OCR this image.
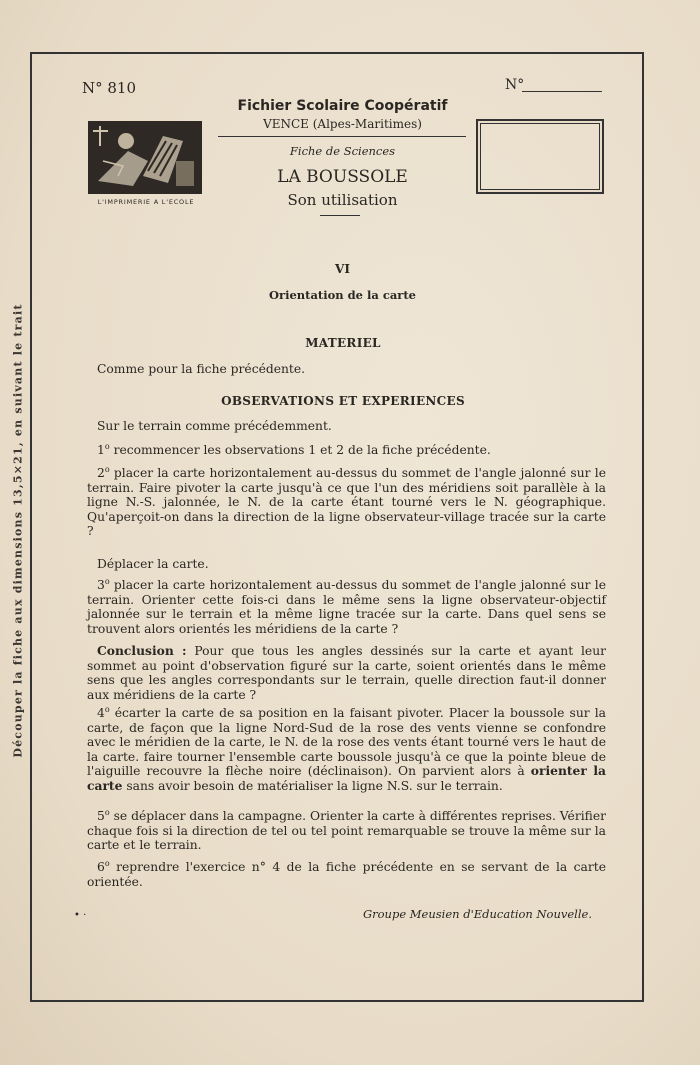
Découper la fiche aux dimensions 13,5×21, en suivant le trait
N° 810	N°
L'IMPRIMERIE A L'ECOLE
Fichier Scolaire Coopératif
VENCE (Alpes-Maritimes)
Fiche de Sciences
LA BOUSSOLE
Son utilisation
VI
Orientation de la carte
MATERIEL
Comme pour la fiche précédente.
OBSERVATIONS ET EXPERIENCES
Sur le terrain comme précédemment.
1$^o$ recommencer les observations 1 et 2 de la fiche précédente.
2$^o$ placer la carte horizontalement au-dessus du sommet de l'angle jalonné sur le terrain. Faire pivoter la carte jusqu'à ce que l'un des méridiens soit parallèle à la ligne N.-S. jalonnée, le N. de la carte étant tourné vers le N. géographique. Qu'aperçoit-on dans la direction de la ligne observateur-village tracée sur la carte ?
Déplacer la carte.
3$^o$ placer la carte horizontalement au-dessus du sommet de l'angle jalonné sur le terrain. Orienter cette fois-ci dans le même sens la ligne observateur-objectif jalonnée sur le terrain et la même ligne tracée sur la carte. Dans quel sens se trouvent alors orientés les méridiens de la carte ?
Conclusion : Pour que tous les angles dessinés sur la carte et ayant leur sommet au point d'observation figuré sur la carte, soient orientés dans le même sens que les angles correspondants sur le terrain, quelle direction faut-il donner aux méridiens de la carte ?
4$^o$ écarter la carte de sa position en la faisant pivoter. Placer la boussole sur la carte, de façon que la ligne Nord-Sud de la rose des vents vienne se confondre avec le méridien de la carte, le N. de la rose des vents étant tourné vers le haut de la carte. faire tourner l'ensemble carte boussole jusqu'à ce que la pointe bleue de l'aiguille recouvre la flèche noire (déclinaison). On parvient alors à orienter la carte sans avoir besoin de matérialiser la ligne N.S. sur le terrain.
5$^o$ se déplacer dans la campagne. Orienter la carte à différentes reprises. Vérifier chaque fois si la direction de tel ou tel point remarquable se trouve la même sur la carte et le terrain.
6$^o$ reprendre l'exercice n° 4 de la fiche précédente en se servant de la carte orientée.
• ·	Groupe Meusien d'Education Nouvelle.
